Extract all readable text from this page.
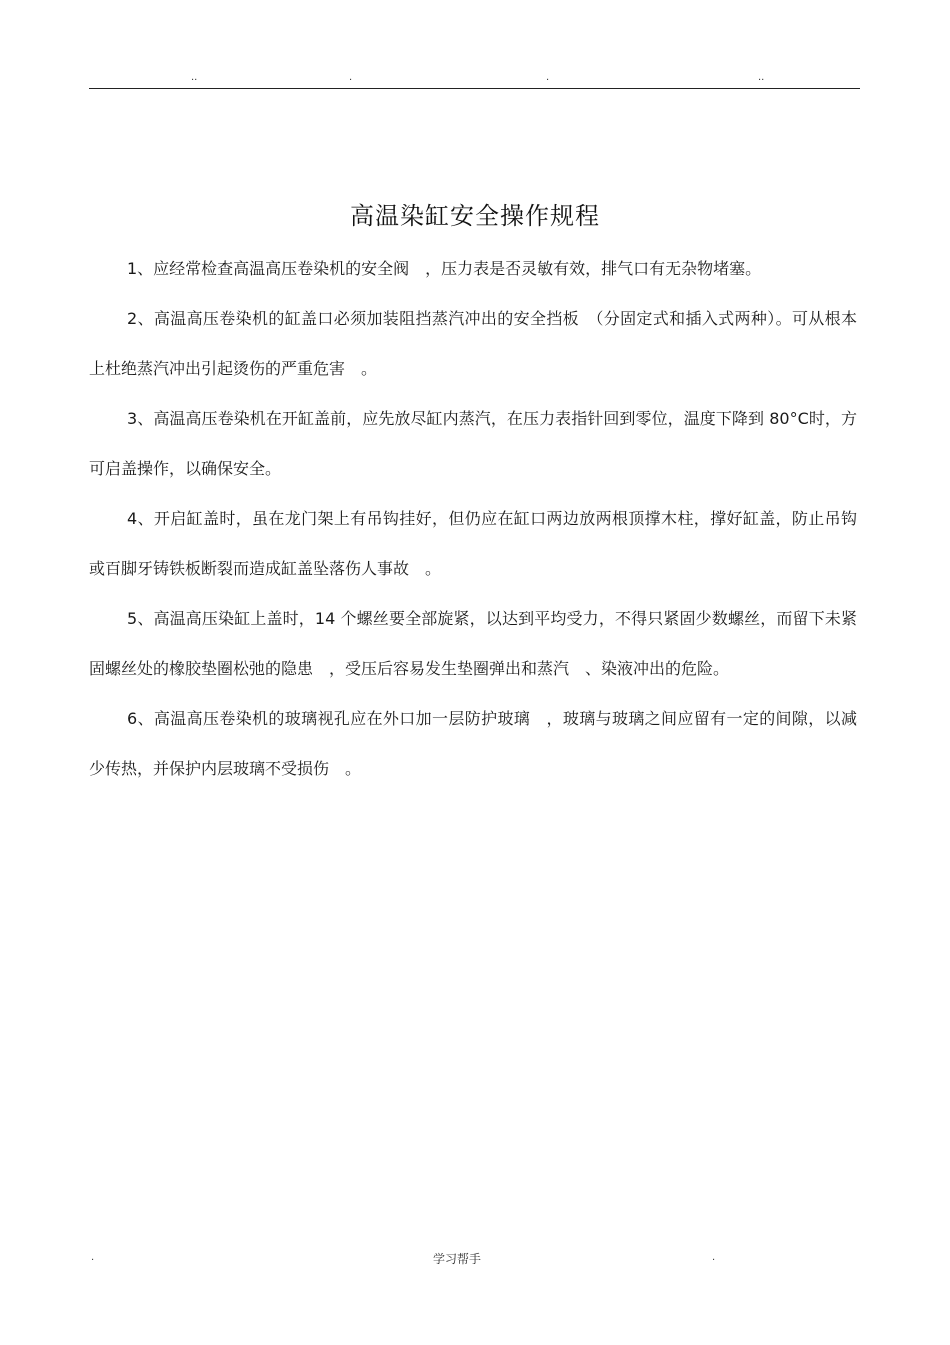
..	.	.	..
高温染缸安全操作规程

1、应经常检查高温高压卷染机的安全阀　，压力表是否灵敏有效，排气口有无杂物堵塞。

2、高温高压卷染机的缸盖口必须加装阻挡蒸汽冲出的安全挡板　（分固定式和插入式两种）。可从根本上杜绝蒸汽冲出引起烫伤的严重危害　。

3、高温高压卷染机在开缸盖前，应先放尽缸内蒸汽，在压力表指针回到零位，温度下降到 80°C时，方可启盖操作，以确保安全。

4、开启缸盖时，虽在龙门架上有吊钩挂好，但仍应在缸口两边放两根顶撑木柱，撑好缸盖，防止吊钩或百脚牙铸铁板断裂而造成缸盖坠落伤人事故　。

5、高温高压染缸上盖时，14 个螺丝要全部旋紧，以达到平均受力，不得只紧固少数螺丝，而留下未紧固螺丝处的橡胶垫圈松弛的隐患　，受压后容易发生垫圈弹出和蒸汽　、染液冲出的危险。

6、高温高压卷染机的玻璃视孔应在外口加一层防护玻璃　，玻璃与玻璃之间应留有一定的间隙，以减少传热，并保护内层玻璃不受损伤　。

.	学习帮手	.
